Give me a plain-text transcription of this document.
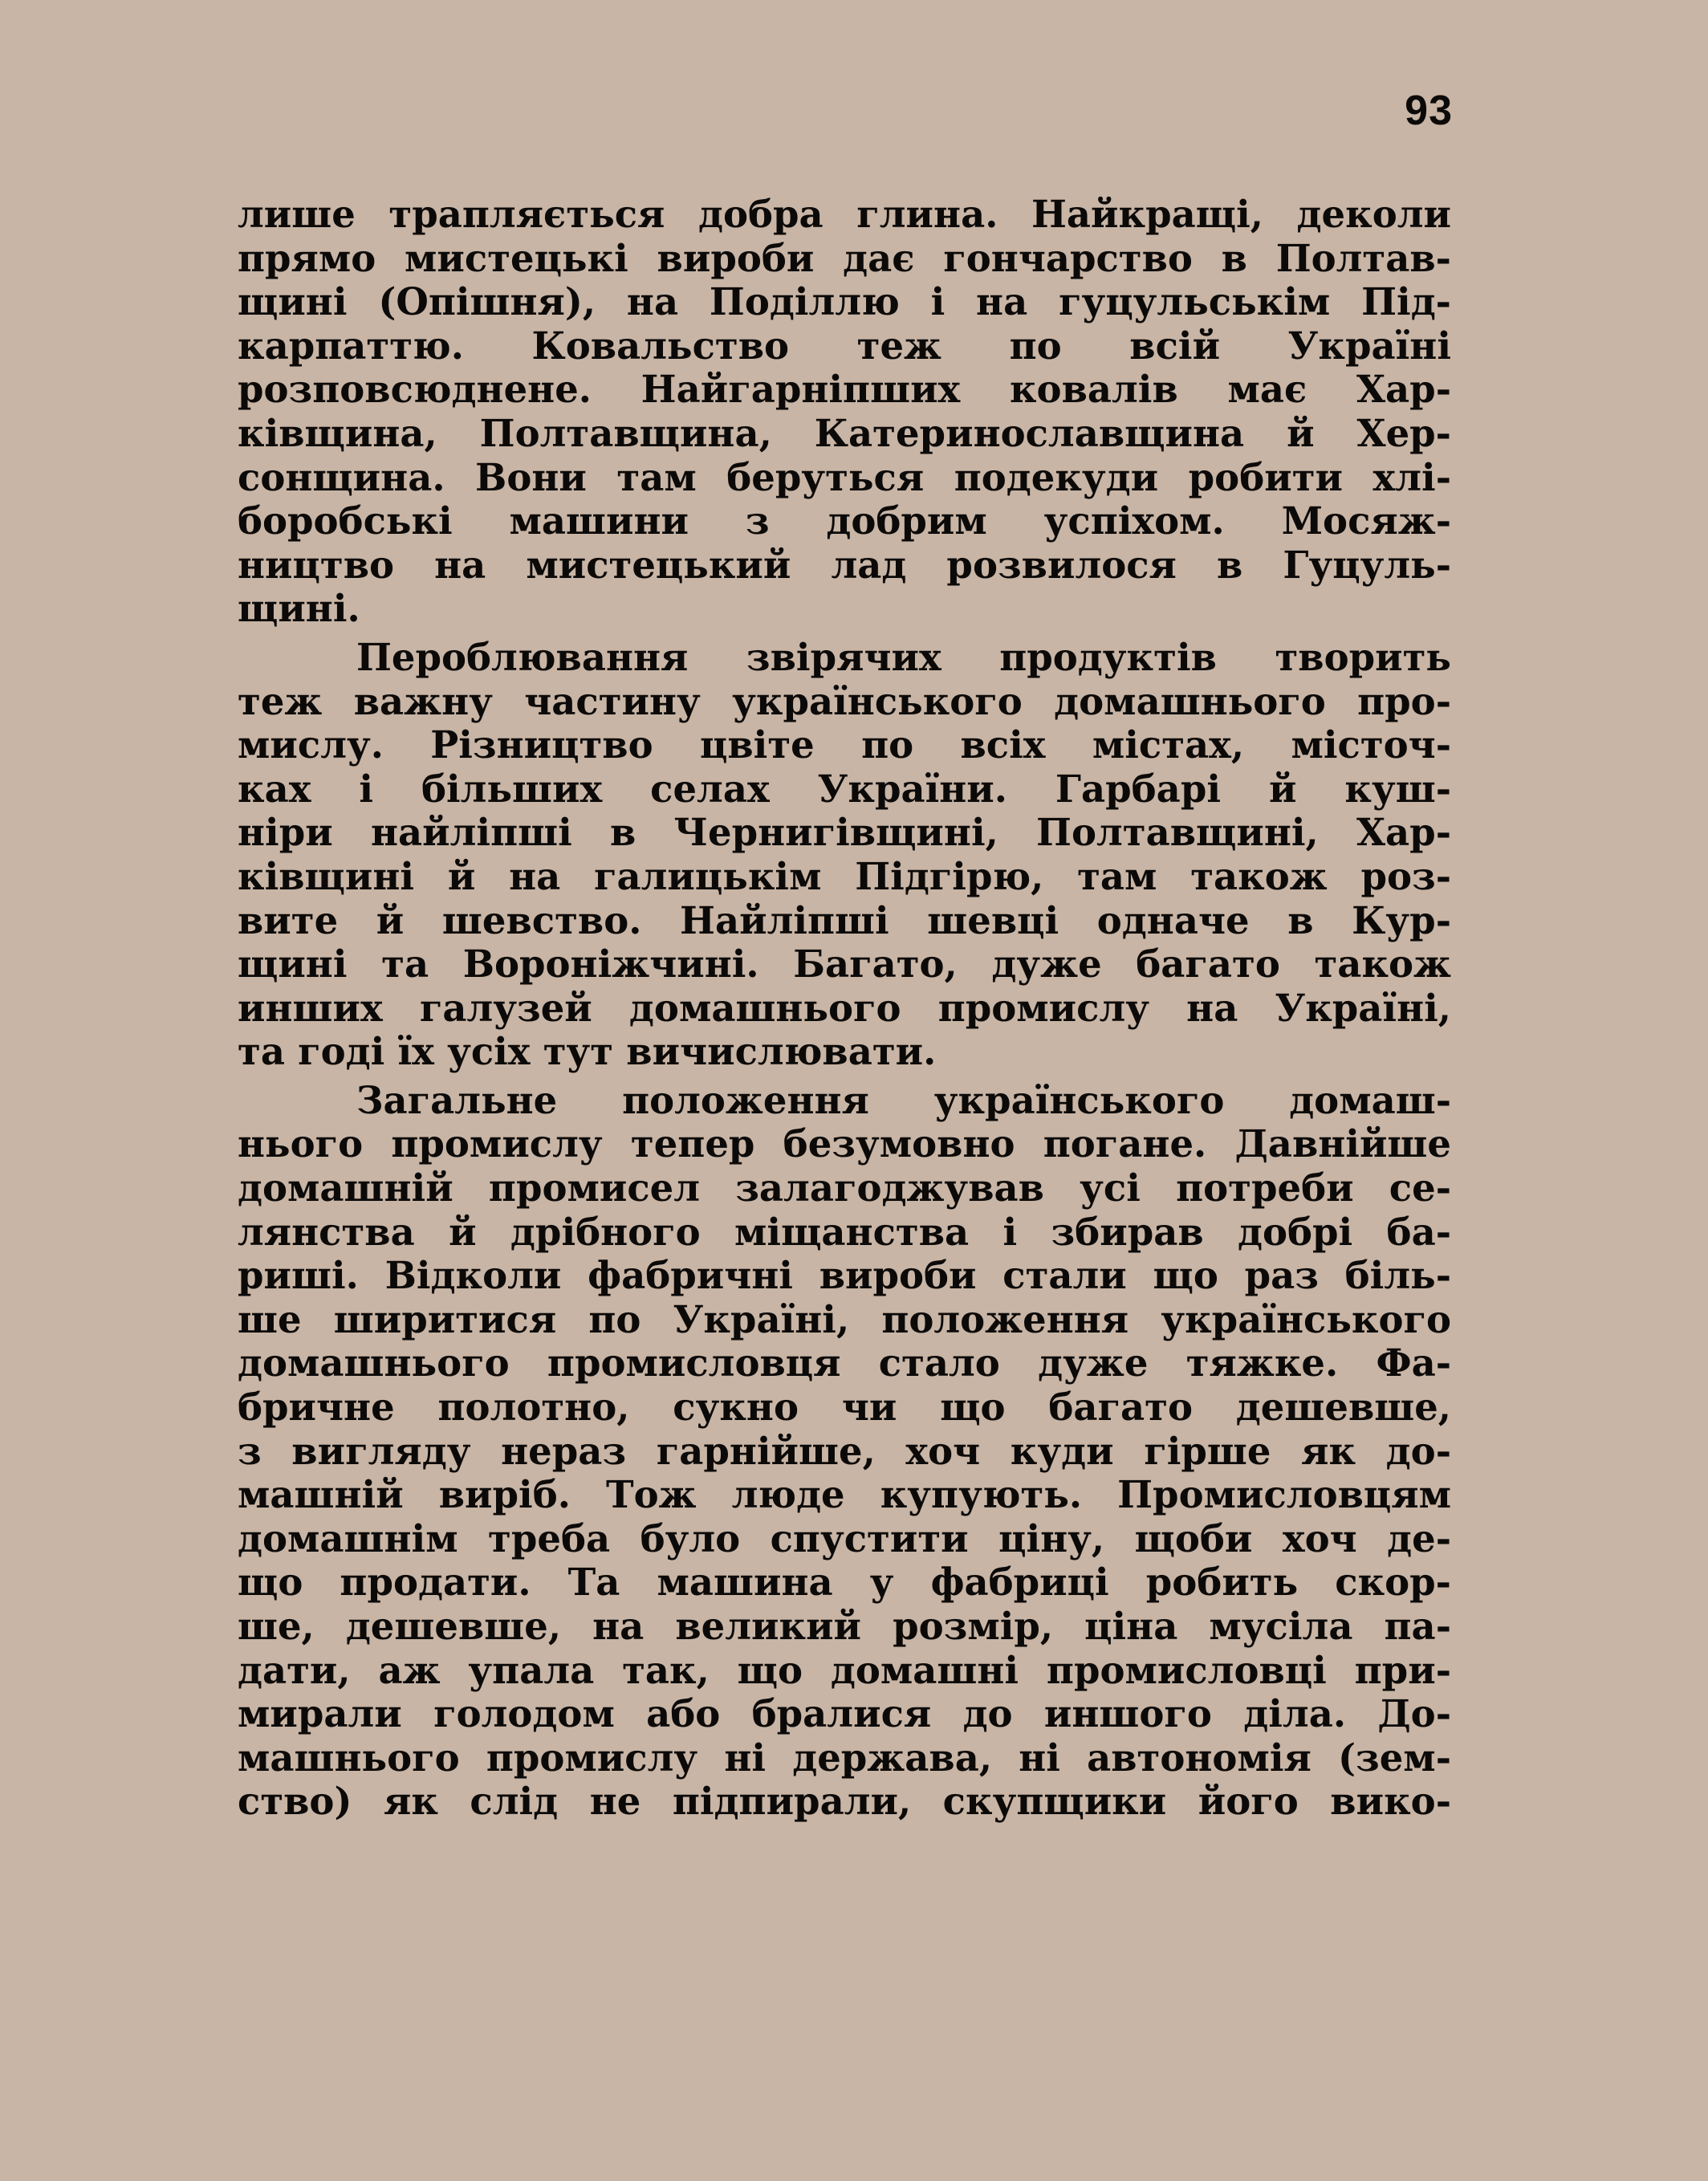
93
лише трапляється добра глина. Найкращі, деколи
прямо мистецькі вироби дає гончарство в Полтав-
щині (Опішня), на Поділлю і на гуцульськім Під-
карпаттю. Ковальство теж по всій Україні
розповсюднене. Найгарніпших ковалів має Хар-
ківщина, Полтавщина, Катеринославщина й Хер-
сонщина. Вони там беруться подекуди робити хлі-
боробські машини з добрим успіхом. Мосяж-
ництво на мистецький лад розвилося в Гуцуль-
щині.
Пероблювання звірячих продуктів творить
теж важну частину українського домашнього про-
мислу. Різництво цвіте по всіх містах, місточ-
ках і більших селах України. Гарбарі й куш-
ніри найліпші в Чернигівщині, Полтавщині, Хар-
ківщині й на галицькім Підгірю, там також роз-
вите й шевство. Найліпші шевці одначе в Кур-
щині та Вороніжчині. Багато, дуже багато також
инших галузей домашнього промислу на Україні,
та годі їх усіх тут вичислювати.
Загальне положення українського домаш-
нього промислу тепер безумовно погане. Давнійше
домашній промисел залагоджував усі потреби се-
лянства й дрібного міщанства і збирав добрі ба-
риші. Відколи фабричні вироби стали що раз біль-
ше ширитися по Україні, положення українського
домашнього промисловця стало дуже тяжке. Фа-
бричне полотно, сукно чи що багато дешевше,
з вигляду нераз гарнійше, хоч куди гірше як до-
машній виріб. Тож люде купують. Промисловцям
домашнім треба було спустити ціну, щоби хоч де-
що продати. Та машина у фабриці робить скор-
ше, дешевше, на великий розмір, ціна мусіла па-
дати, аж упала так, що домашні промисловці при-
мирали голодом або бралися до иншого діла. До-
машнього промислу ні держава, ні автономія (зем-
ство) як слід не підпирали, скупщики його вико-
